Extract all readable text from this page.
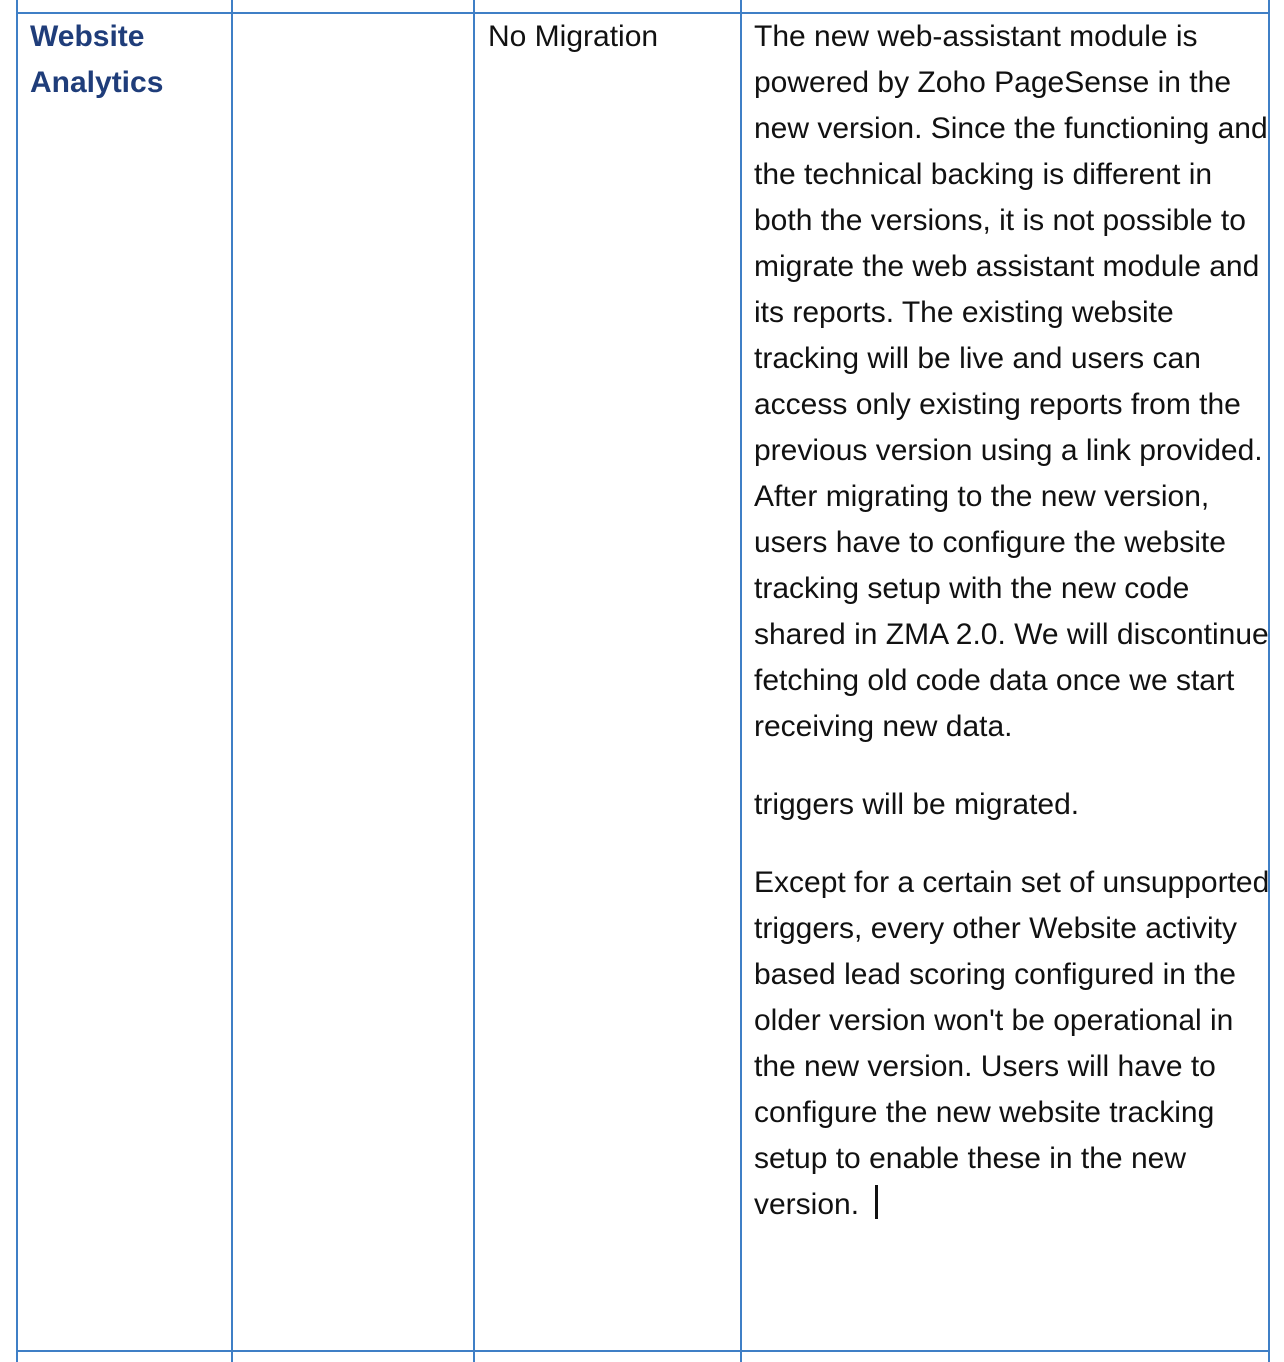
Website Analytics
No Migration	The new web-assistant module is powered by Zoho PageSense in the new version. Since the functioning and the technical backing is different in both the versions, it is not possible to migrate the web assistant module and its reports. The existing website tracking will be live and users can access only existing reports from the previous version using a link provided. After migrating to the new version, users have to configure the website tracking setup with the new code shared in ZMA 2.0. We will discontinue fetching old code data once we start receiving new data.

triggers will be migrated.

Except for a certain set of unsupported triggers, every other Website activity based lead scoring configured in the older version won't be operational in the new version. Users will have to configure the new website tracking setup to enable these in the new version.
